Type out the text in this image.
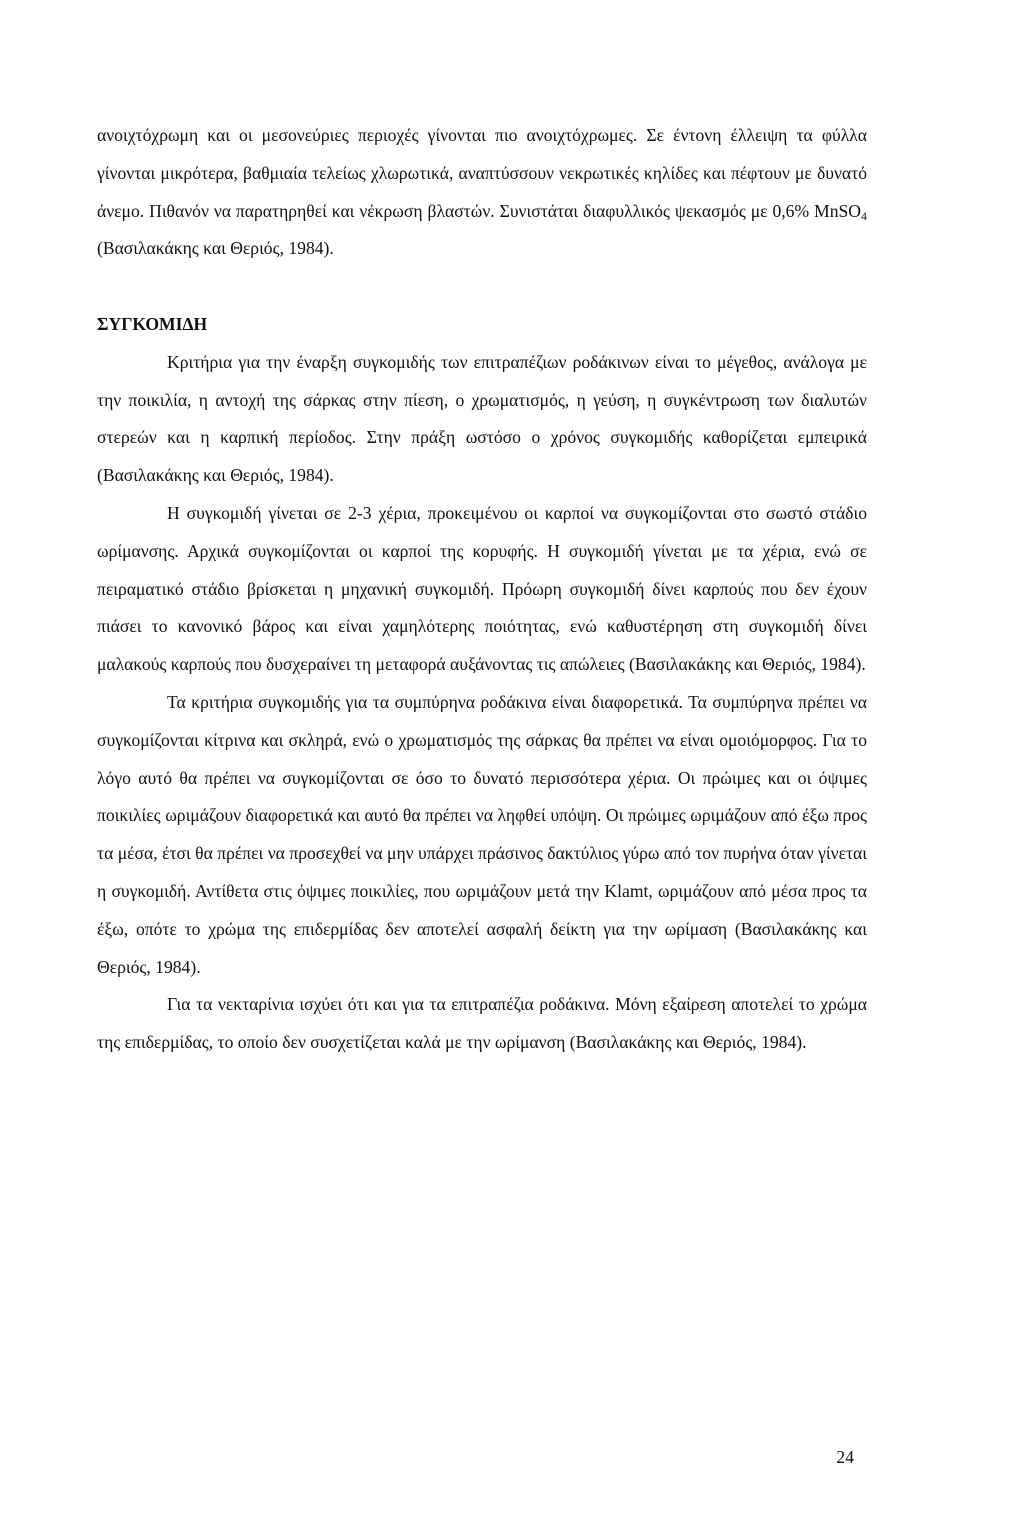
ανοιχτόχρωμη και οι μεσονεύριες περιοχές γίνονται πιο ανοιχτόχρωμες. Σε έντονη έλλειψη τα φύλλα γίνονται μικρότερα, βαθμιαία τελείως χλωρωτικά, αναπτύσσουν νεκρωτικές κηλίδες και πέφτουν με δυνατό άνεμο. Πιθανόν να παρατηρηθεί και νέκρωση βλαστών. Συνιστάται διαφυλλικός ψεκασμός με 0,6% MnSO$_4$ (Βασιλακάκης και Θεριός, 1984).

ΣΥΓΚΟΜΙΔΗ

Κριτήρια για την έναρξη συγκομιδής των επιτραπέζιων ροδάκινων είναι το μέγεθος, ανάλογα με την ποικιλία, η αντοχή της σάρκας στην πίεση, ο χρωματισμός, η γεύση, η συγκέντρωση των διαλυτών στερεών και η καρπική περίοδος. Στην πράξη ωστόσο ο χρόνος συγκομιδής καθορίζεται εμπειρικά (Βασιλακάκης και Θεριός, 1984).

Η συγκομιδή γίνεται σε 2-3 χέρια, προκειμένου οι καρποί να συγκομίζονται στο σωστό στάδιο ωρίμανσης. Αρχικά συγκομίζονται οι καρποί της κορυφής. Η συγκομιδή γίνεται με τα χέρια, ενώ σε πειραματικό στάδιο βρίσκεται η μηχανική συγκομιδή. Πρόωρη συγκομιδή δίνει καρπούς που δεν έχουν πιάσει το κανονικό βάρος και είναι χαμηλότερης ποιότητας, ενώ καθυστέρηση στη συγκομιδή δίνει μαλακούς καρπούς που δυσχεραίνει τη μεταφορά αυξάνοντας τις απώλειες (Βασιλακάκης και Θεριός, 1984).

Τα κριτήρια συγκομιδής για τα συμπύρηνα ροδάκινα είναι διαφορετικά. Τα συμπύρηνα πρέπει να συγκομίζονται κίτρινα και σκληρά, ενώ ο χρωματισμός της σάρκας θα πρέπει να είναι ομοιόμορφος. Για το λόγο αυτό θα πρέπει να συγκομίζονται σε όσο το δυνατό περισσότερα χέρια. Οι πρώιμες και οι όψιμες ποικιλίες ωριμάζουν διαφορετικά και αυτό θα πρέπει να ληφθεί υπόψη. Οι πρώιμες ωριμάζουν από έξω προς τα μέσα, έτσι θα πρέπει να προσεχθεί να μην υπάρχει πράσινος δακτύλιος γύρω από τον πυρήνα όταν γίνεται η συγκομιδή. Αντίθετα στις όψιμες ποικιλίες, που ωριμάζουν μετά την Klamt, ωριμάζουν από μέσα προς τα έξω, οπότε το χρώμα της επιδερμίδας δεν αποτελεί ασφαλή δείκτη για την ωρίμαση (Βασιλακάκης και Θεριός, 1984).

Για τα νεκταρίνια ισχύει ότι και για τα επιτραπέζια ροδάκινα. Μόνη εξαίρεση αποτελεί το χρώμα της επιδερμίδας, το οποίο δεν συσχετίζεται καλά με την ωρίμανση (Βασιλακάκης και Θεριός, 1984).

24
